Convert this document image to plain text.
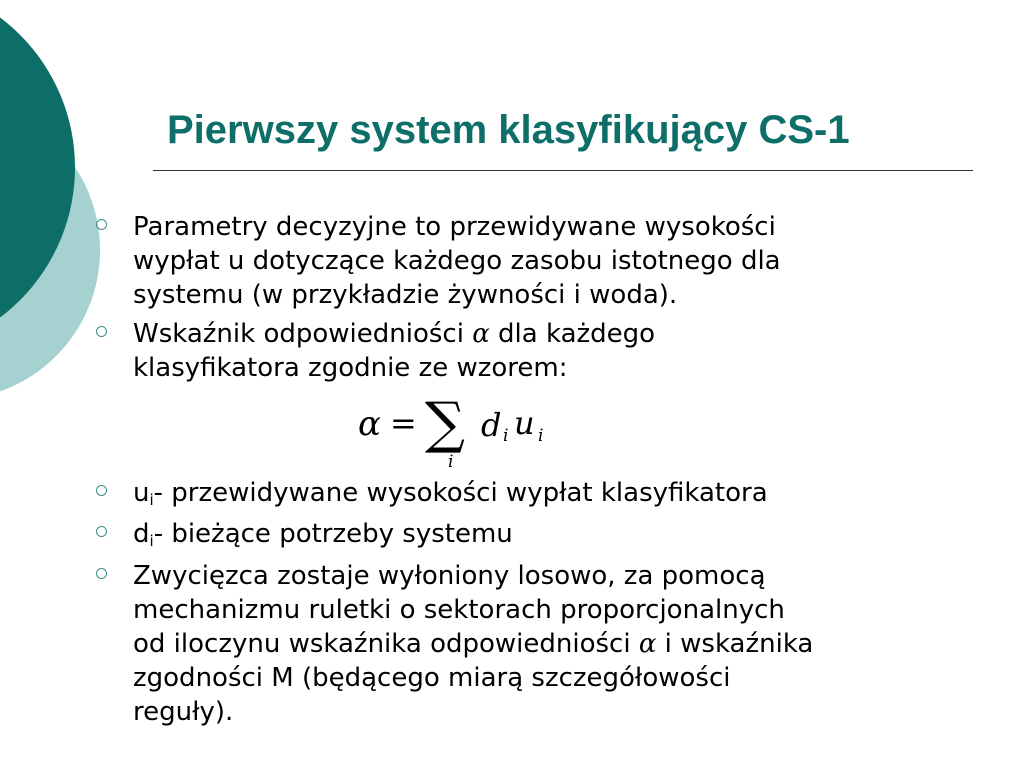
Pierwszy system klasyfikujący CS-1
Parametry decyzyjne to przewidywane wysokości
wypłat u dotyczące każdego zasobu istotnego dla
systemu (w przykładzie żywności i woda).
Wskaźnik odpowiedniości α dla każdego
klasyfikatora zgodnie ze wzorem:
$u_i-$ przewidywane wysokości wypłat klasyfikatora
$d_i-$ bieżące potrzeby systemu
Zwycięzca zostaje wyłoniony losowo, za pomocą
mechanizmu ruletki o sektorach proporcjonalnych
od iloczynu wskaźnika odpowiedniości α i wskaźnika
zgodności M (będącego miarą szczegółowości
reguły).
α = ∑ d i u i
i
